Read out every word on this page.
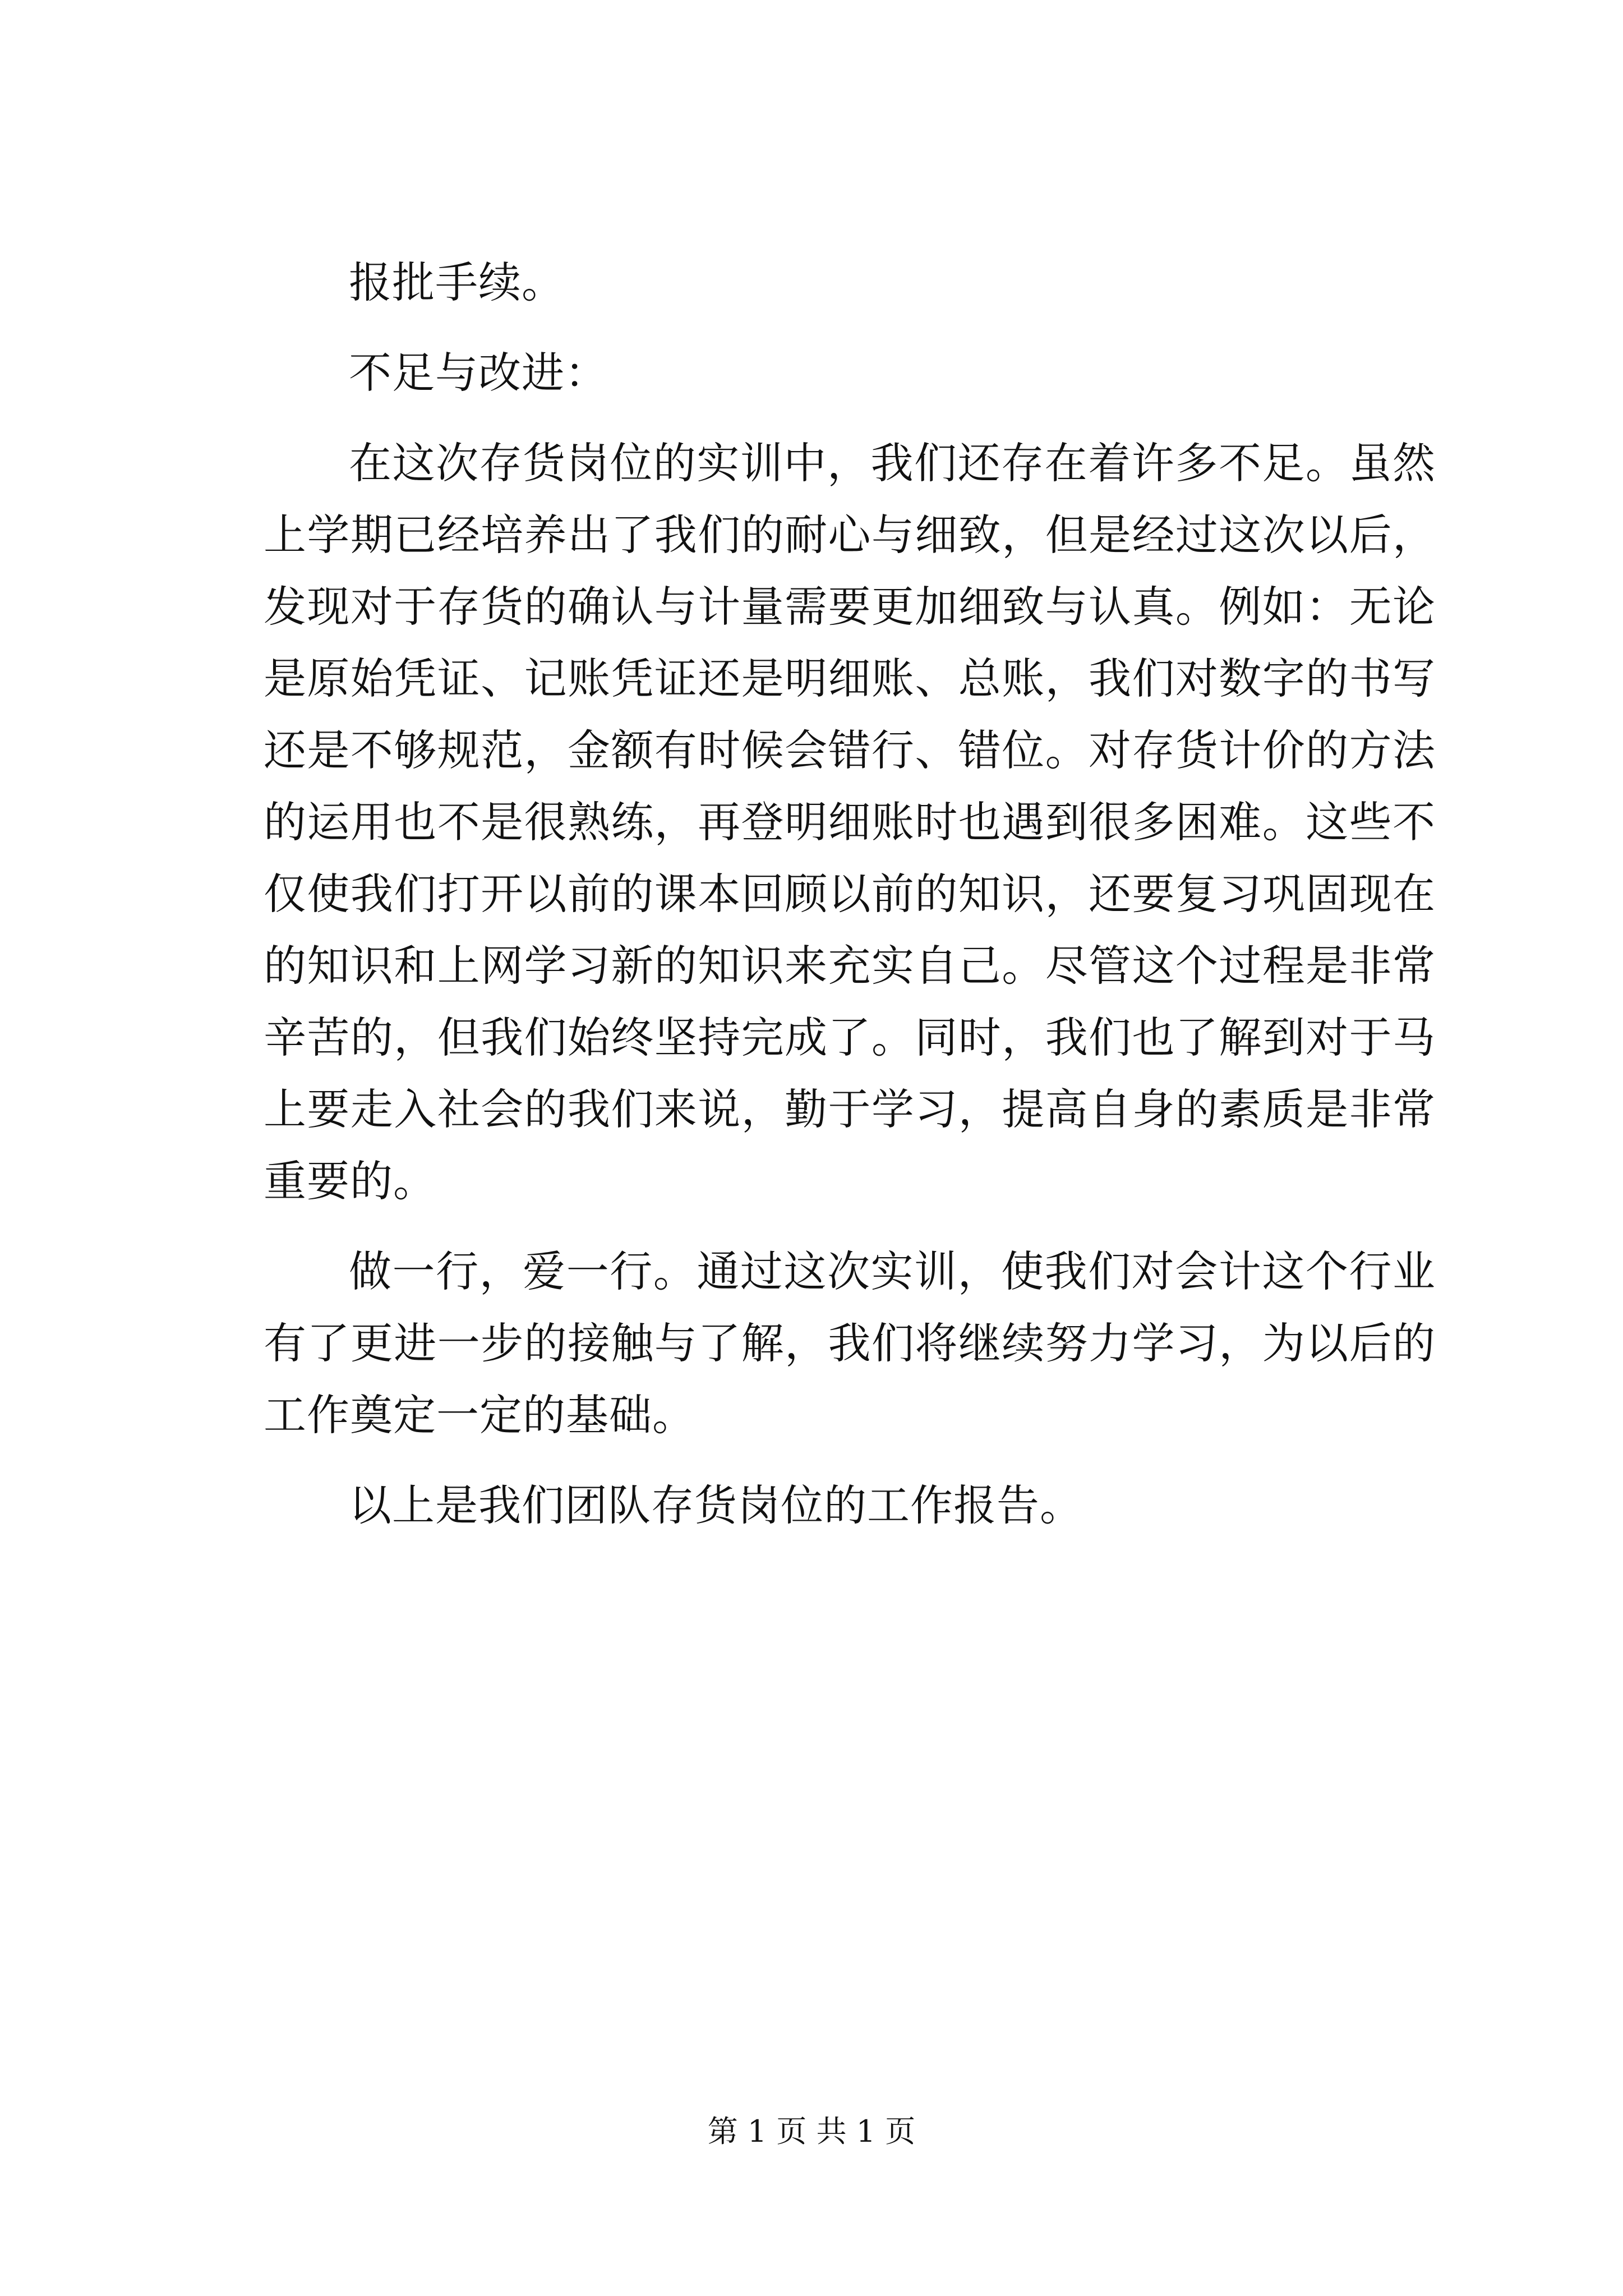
报批手续。

不足与改进：

在这次存货岗位的实训中，我们还存在着许多不足。虽然上学期已经培养出了我们的耐心与细致，但是经过这次以后，发现对于存货的确认与计量需要更加细致与认真。例如：无论是原始凭证、记账凭证还是明细账、总账，我们对数字的书写还是不够规范，金额有时候会错行、错位。对存货计价的方法的运用也不是很熟练，再登明细账时也遇到很多困难。这些不仅使我们打开以前的课本回顾以前的知识，还要复习巩固现在的知识和上网学习新的知识来充实自己。尽管这个过程是非常辛苦的，但我们始终坚持完成了。同时，我们也了解到对于马上要走入社会的我们来说，勤于学习，提高自身的素质是非常重要的。

做一行，爱一行。通过这次实训，使我们对会计这个行业有了更进一步的接触与了解，我们将继续努力学习，为以后的工作奠定一定的基础。

以上是我们团队存货岗位的工作报告。

第 1 页 共 1 页
